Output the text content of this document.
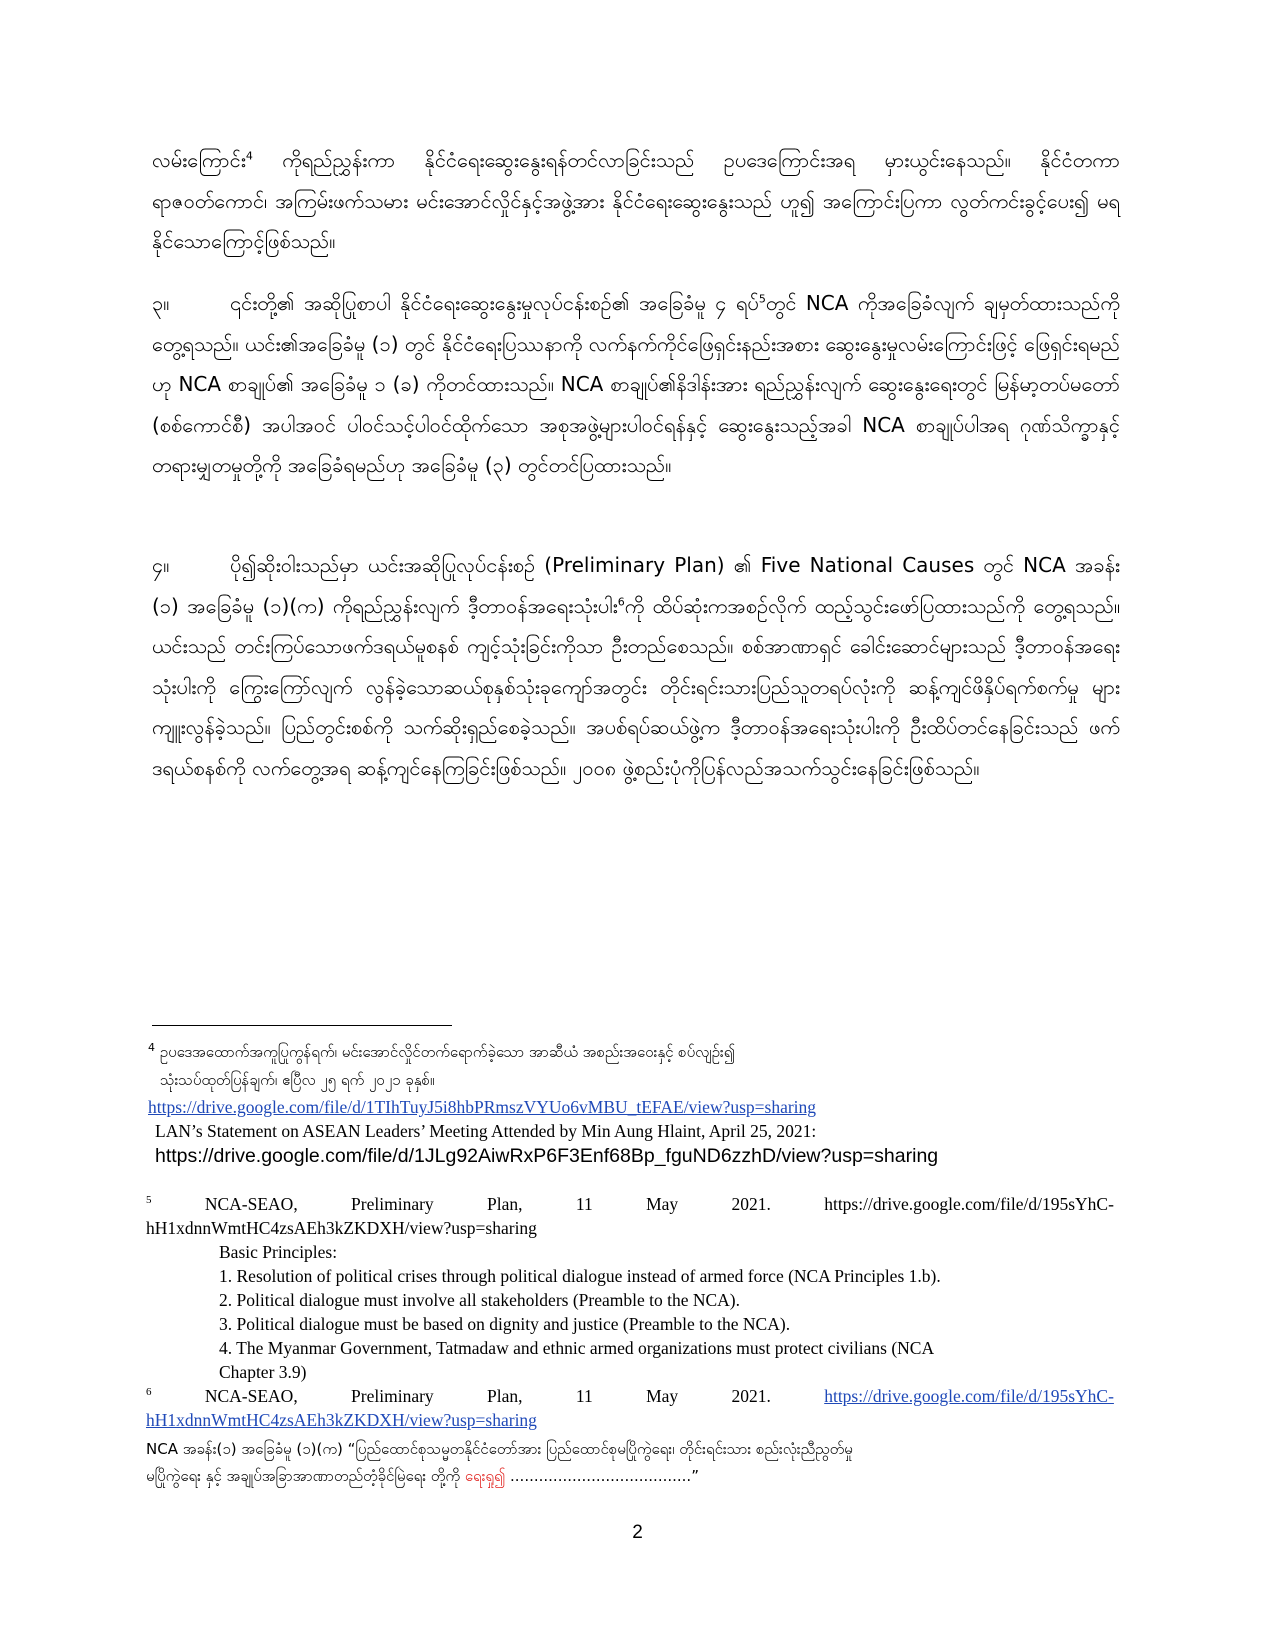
လမ်းကြောင်း$^4$ ကိုရည်ညွှန်းကာ နိုင်ငံရေးဆွေးနွေးရန်တင်လာခြင်းသည် ဥပဒေကြောင်းအရ မှားယွင်းနေသည်။ နိုင်ငံတကာ ရာဇဝတ်ကောင်၊ အကြမ်းဖက်သမား မင်းအောင်လှိုင်နှင့်အဖွဲ့အား နိုင်ငံရေးဆွေးနွေးသည် ဟူ၍ အကြောင်းပြကာ လွတ်ကင်းခွင့်ပေး၍ မရနိုင်သောကြောင့်ဖြစ်သည်။

၃။	၎င်းတို့၏ အဆိုပြုစာပါ နိုင်ငံရေးဆွေးနွေးမှုလုပ်ငန်းစဉ်၏ အခြေခံမူ ၄ ရပ်$^5$တွင် NCA ကိုအခြေခံလျက် ချမှတ်ထားသည်ကို တွေ့ရသည်။ ယင်း၏အခြေခံမူ (၁) တွင် နိုင်ငံရေးပြဿနာကို လက်နက်ကိုင်ဖြေရှင်းနည်းအစား ဆွေးနွေးမှုလမ်းကြောင်းဖြင့် ဖြေရှင်းရမည်ဟု NCA စာချုပ်၏ အခြေခံမူ ၁ (ခ) ကိုတင်ထားသည်။ NCA စာချုပ်၏နိဒါန်းအား ရည်ညွှန်းလျက် ဆွေးနွေးရေးတွင် မြန်မာ့တပ်မတော် (စစ်ကောင်စီ) အပါအဝင် ပါဝင်သင့်ပါဝင်ထိုက်သော အစုအဖွဲ့များပါဝင်ရန်နှင့် ဆွေးနွေးသည့်အခါ NCA စာချုပ်ပါအရ ဂုဏ်သိက္ခာနှင့် တရားမျှတမှုတို့ကို အခြေခံရမည်ဟု အခြေခံမူ (၃) တွင်တင်ပြထားသည်။

၄။	ပို၍ဆိုးဝါးသည်မှာ ယင်းအဆိုပြုလုပ်ငန်းစဉ် (Preliminary Plan) ၏ Five National Causes တွင် NCA အခန်း (၁) အခြေခံမူ (၁)(က) ကိုရည်ညွှန်းလျက် ဒီ့တာဝန်အရေးသုံးပါး$^6$ကို ထိပ်ဆုံးကအစဉ်လိုက် ထည့်သွင်းဖော်ပြထားသည်ကို တွေ့ရသည်။ ယင်းသည် တင်းကြပ်သောဖက်ဒရယ်မူစနစ် ကျင့်သုံးခြင်းကိုသာ ဦးတည်စေသည်။ စစ်အာဏာရှင် ခေါင်းဆောင်များသည် ဒီ့တာဝန်အရေးသုံးပါးကို ကြွေးကြော်လျက် လွန်ခဲ့သောဆယ်စုနှစ်သုံးခုကျော်အတွင်း တိုင်းရင်းသားပြည်သူတရပ်လုံးကို ဆန့်ကျင်ဖိနှိပ်ရက်စက်မှု များကျူးလွန်ခဲ့သည်။ ပြည်တွင်းစစ်ကို သက်ဆိုးရှည်စေခဲ့သည်။ အပစ်ရပ်ဆယ်ဖွဲ့က ဒီ့တာဝန်အရေးသုံးပါးကို ဦးထိပ်တင်နေခြင်းသည် ဖက်ဒရယ်စနစ်ကို လက်တွေ့အရ ဆန့်ကျင်နေကြခြင်းဖြစ်သည်။ ၂၀၀၈ ဖွဲ့စည်းပုံကိုပြန်လည်အသက်သွင်းနေခြင်းဖြစ်သည်။

$^4$ ဥပဒေအထောက်အကူပြုကွန်ရက်၊ မင်းအောင်လှိုင်တက်ရောက်ခဲ့သော အာဆီယံ အစည်းအဝေးနှင့် စပ်လျဉ်း၍
သုံးသပ်ထုတ်ပြန်ချက်၊ ဧပြီလ ၂၅ ရက် ၂၀၂၁ ခုနှစ်။
https://drive.google.com/file/d/1TIhTuyJ5i8hbPRmszVYUo6vMBU_tEFAE/view?usp=sharing
LAN’s Statement on ASEAN Leaders’ Meeting Attended by Min Aung Hlaint, April 25, 2021:
https://drive.google.com/file/d/1JLg92AiwRxP6F3Enf68Bp_fguND6zzhD/view?usp=sharing
$^5$	NCA-SEAO,	Preliminary	Plan,	11	May	2021.	https://drive.google.com/file/d/195sYhC-
hH1xdnnWmtHC4zsAEh3kZKDXH/view?usp=sharing
Basic Principles:
1. Resolution of political crises through political dialogue instead of armed force (NCA Principles 1.b).
2. Political dialogue must involve all stakeholders (Preamble to the NCA).
3. Political dialogue must be based on dignity and justice (Preamble to the NCA).
4. The Myanmar Government, Tatmadaw and ethnic armed organizations must protect civilians (NCA
Chapter 3.9)
$^6$	NCA-SEAO,	Preliminary	Plan,	11	May	2021.	https://drive.google.com/file/d/195sYhC-
hH1xdnnWmtHC4zsAEh3kZKDXH/view?usp=sharing
NCA အခန်း(၁) အခြေခံမူ (၁)(က) “ပြည်ထောင်စုသမ္မတနိုင်ငံတော်အား ပြည်ထောင်စုမပြိုကွဲရေး၊ တိုင်းရင်းသား စည်းလုံးညီညွတ်မှု
မပြိုကွဲရေး နှင့် အချုပ်အခြာအာဏာတည်တံ့ခိုင်မြဲရေး တို့ကို ရေးရှု၍ ......................................”
2
